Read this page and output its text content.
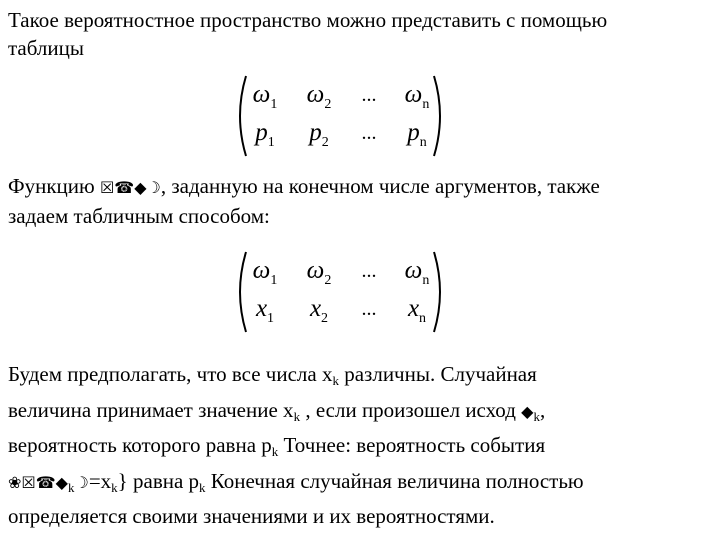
Такое вероятностное пространство можно представить с помощью
таблицы

$\omega_1$	$\omega_2$	...	$\omega_n$
$p_1$	$p_2$	...	$p_n$

Функцию ☒☎◆☽, заданную на конечном числе аргументов, также
задаем табличным способом:

$\omega_1$	$\omega_2$	...	$\omega_n$
$x_1$	$x_2$	...	$x_n$

Будем предполагать, что все числа $x_k$ различны. Случайная
величина принимает значение $x_k$ , если произошел исход $◆_k$,
вероятность которого равна $p_k$ Точнее: вероятность события
$❀☒☎◆_k☽=x_k$} равна $p_k$ Конечная случайная величина полностью
определяется своими значениями и их вероятностями.
